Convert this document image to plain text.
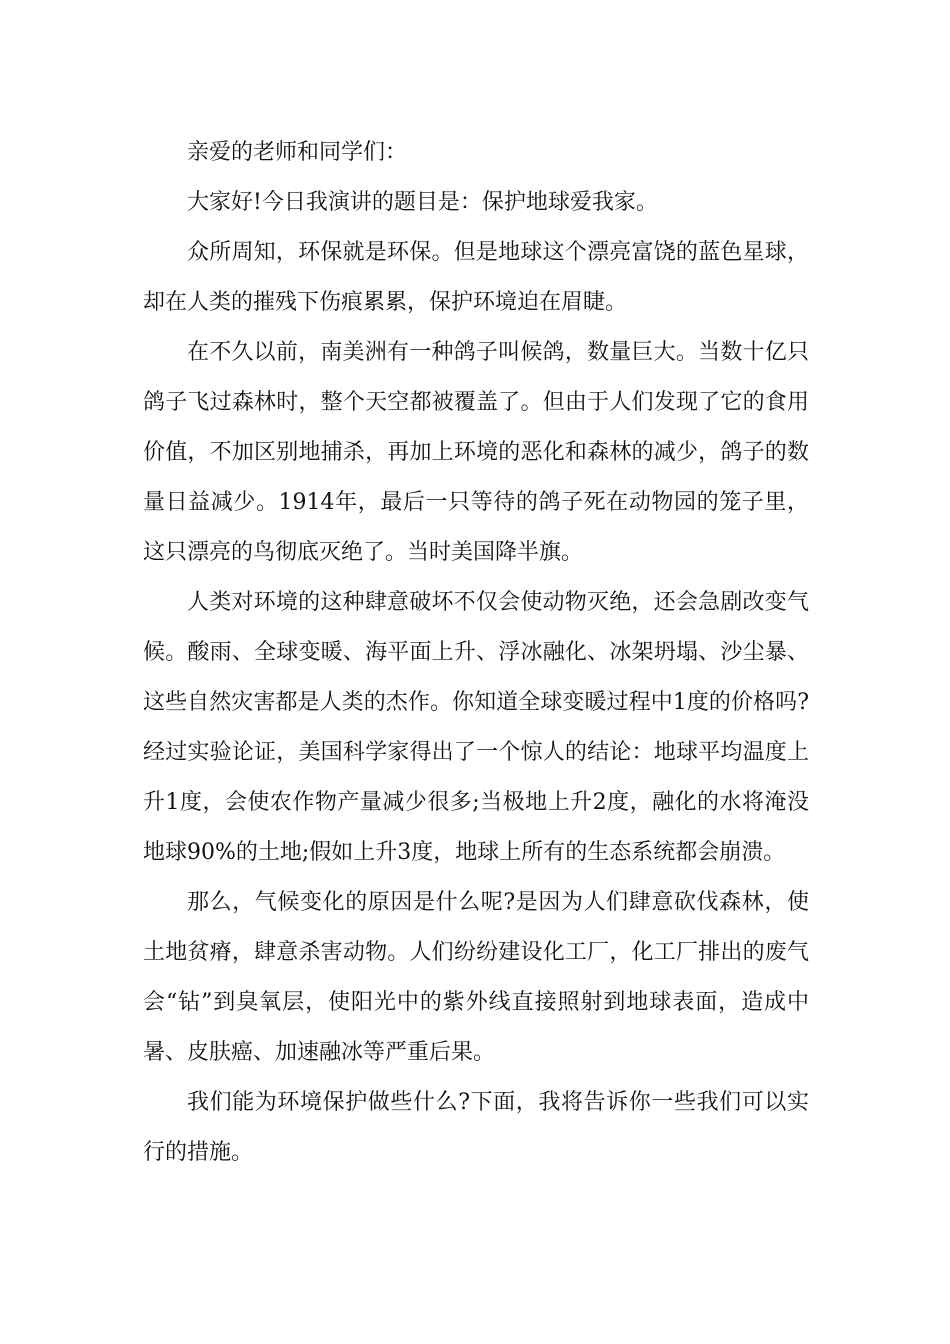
亲爱的老师和同学们：

大家好!今日我演讲的题目是：保护地球爱我家。

众所周知，环保就是环保。但是地球这个漂亮富饶的蓝色星球，却在人类的摧残下伤痕累累，保护环境迫在眉睫。

在不久以前，南美洲有一种鸽子叫候鸽，数量巨大。当数十亿只鸽子飞过森林时，整个天空都被覆盖了。但由于人们发现了它的食用价值，不加区别地捕杀，再加上环境的恶化和森林的减少，鸽子的数量日益减少。1914年，最后一只等待的鸽子死在动物园的笼子里，这只漂亮的鸟彻底灭绝了。当时美国降半旗。

人类对环境的这种肆意破坏不仅会使动物灭绝，还会急剧改变气候。酸雨、全球变暖、海平面上升、浮冰融化、冰架坍塌、沙尘暴、这些自然灾害都是人类的杰作。你知道全球变暖过程中1度的价格吗?经过实验论证，美国科学家得出了一个惊人的结论：地球平均温度上升1度，会使农作物产量减少很多;当极地上升2度，融化的水将淹没地球90%的土地;假如上升3度，地球上所有的生态系统都会崩溃。

那么，气候变化的原因是什么呢?是因为人们肆意砍伐森林，使土地贫瘠，肆意杀害动物。人们纷纷建设化工厂，化工厂排出的废气会“钻”到臭氧层，使阳光中的紫外线直接照射到地球表面，造成中暑、皮肤癌、加速融冰等严重后果。

我们能为环境保护做些什么?下面，我将告诉你一些我们可以实行的措施。
